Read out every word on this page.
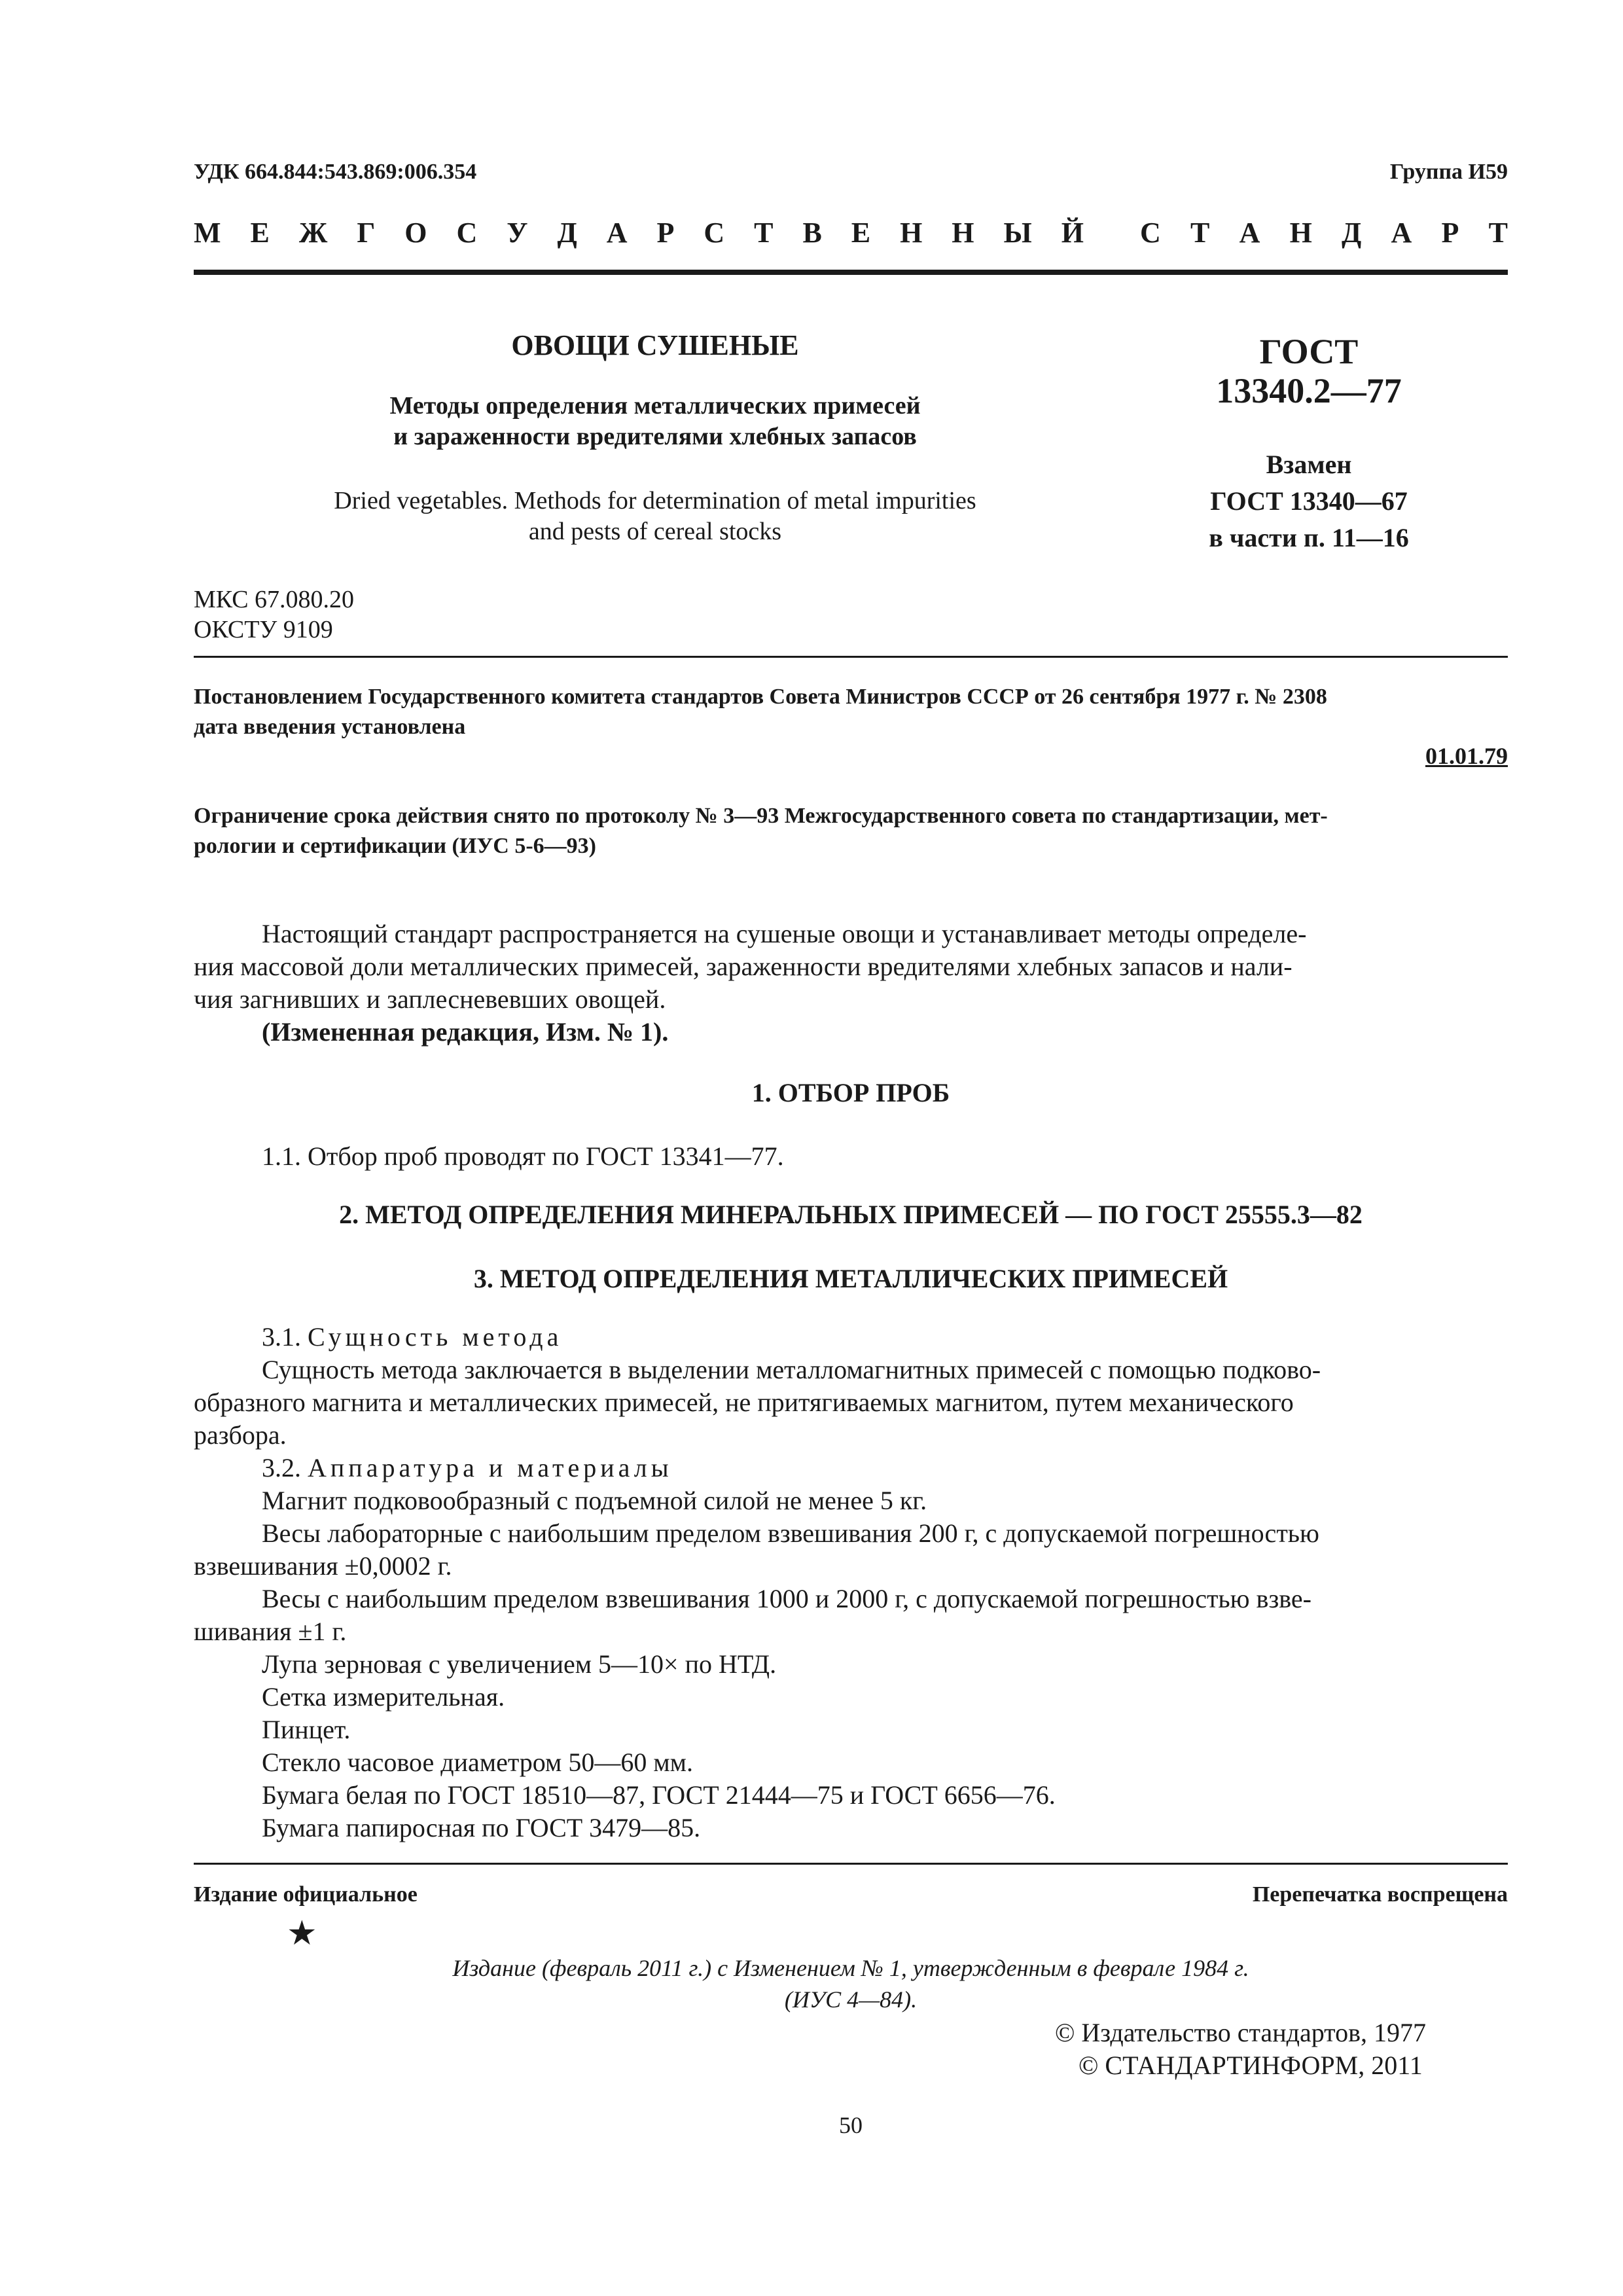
УДК 664.844:543.869:006.354	Группа И59
М Е Ж Г О С У Д А Р С Т В Е Н Н Ы Й С Т А Н Д А Р Т
ОВОЩИ СУШЕНЫЕ
Методы определения металлических примесей
и зараженности вредителями хлебных запасов
Dried vegetables. Methods for determination of metal impurities
and pests of cereal stocks
ГОСТ
13340.2—77
Взамен
ГОСТ 13340—67
в части п. 11—16
МКС 67.080.20
ОКСТУ 9109
Постановлением Государственного комитета стандартов Совета Министров СССР от 26 сентября 1977 г. № 2308
дата введения установлена
01.01.79
Ограничение срока действия снято по протоколу № 3—93 Межгосударственного совета по стандартизации, мет-
рологии и сертификации (ИУС 5-6—93)
Настоящий стандарт распространяется на сушеные овощи и устанавливает методы определе-
ния массовой доли металлических примесей, зараженности вредителями хлебных запасов и нали-
чия загнивших и заплесневевших овощей.
(Измененная редакция, Изм. № 1).
1. ОТБОР ПРОБ
1.1. Отбор проб проводят по ГОСТ 13341—77.
2. МЕТОД ОПРЕДЕЛЕНИЯ МИНЕРАЛЬНЫХ ПРИМЕСЕЙ — ПО ГОСТ 25555.3—82
3. МЕТОД ОПРЕДЕЛЕНИЯ МЕТАЛЛИЧЕСКИХ ПРИМЕСЕЙ
3.1. Сущность метода
Сущность метода заключается в выделении металломагнитных примесей с помощью подково-
образного магнита и металлических примесей, не притягиваемых магнитом, путем механического
разбора.
3.2. Аппаратура и материалы
Магнит подковообразный с подъемной силой не менее 5 кг.
Весы лабораторные с наибольшим пределом взвешивания 200 г, с допускаемой погрешностью
взвешивания ±0,0002 г.
Весы с наибольшим пределом взвешивания 1000 и 2000 г, с допускаемой погрешностью взве-
шивания ±1 г.
Лупа зерновая с увеличением 5—10× по НТД.
Сетка измерительная.
Пинцет.
Стекло часовое диаметром 50—60 мм.
Бумага белая по ГОСТ 18510—87, ГОСТ 21444—75 и ГОСТ 6656—76.
Бумага папиросная по ГОСТ 3479—85.
Издание официальное	Перепечатка воспрещена
★
Издание (февраль 2011 г.) с Изменением № 1, утвержденным в феврале 1984 г.
(ИУС 4—84).
© Издательство стандартов, 1977
© СТАНДАРТИНФОРМ, 2011
50
